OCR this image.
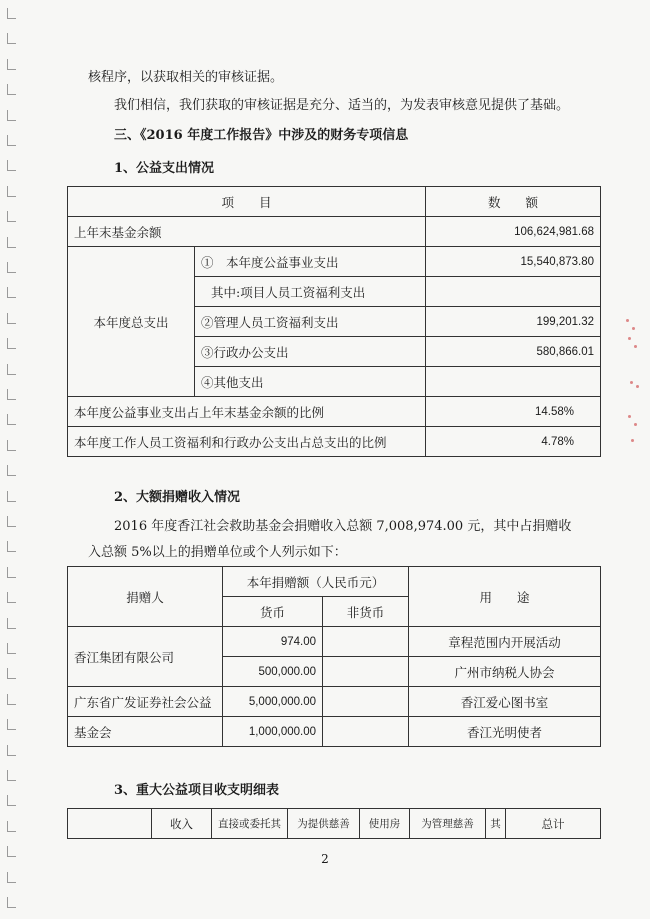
核程序，以获取相关的审核证据。
我们相信，我们获取的审核证据是充分、适当的，为发表审核意见提供了基础。
三、《2016 年度工作报告》中涉及的财务专项信息
1、公益支出情况
项　　目		数　　额
上年末基金余额		106,624,981.68
本年度总支出	①　本年度公益事业支出	15,540,873.80
	其中:项目人员工资福利支出	
	②管理人员工资福利支出	199,201.32
	③行政办公支出	580,866.01
	④其他支出	
本年度公益事业支出占上年末基金余额的比例		14.58%
本年度工作人员工资福利和行政办公支出占总支出的比例		4.78%
2、大额捐赠收入情况
2016 年度香江社会救助基金会捐赠收入总额 7,008,974.00 元，其中占捐赠收
入总额 5%以上的捐赠单位或个人列示如下：
捐赠人	本年捐赠额（人民币元）		用　　途
	货币	非货币	
香江集团有限公司	974.00		章程范围内开展活动
	500,000.00		广州市纳税人协会
广东省广发证券社会公益	5,000,000.00		香江爱心图书室
基金会	1,000,000.00		香江光明使者
3、重大公益项目收支明细表
	收入	直接或委托其	为提供慈善	使用房	为管理慈善	其	总计
2
